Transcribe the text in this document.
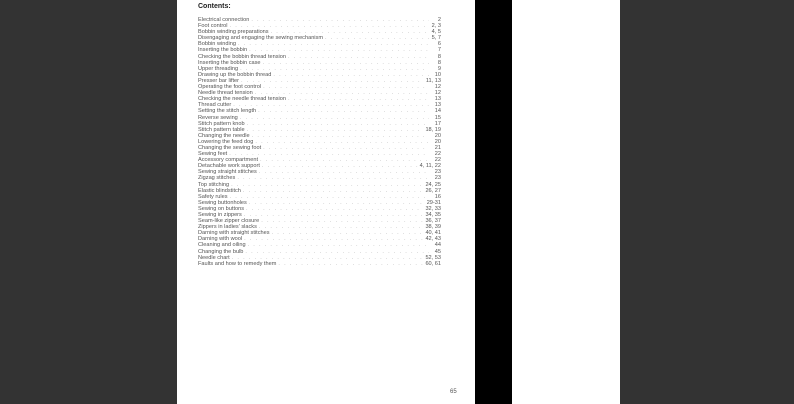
Contents:
Electrical connection . . .	2
Foot control . . .	2, 3
Bobbin winding preparations . . .	4, 5
Disengaging and engaging the sewing mechanism . . .	5, 7
Bobbin winding . . .	6
Inserting the bobbin . . .	7
Checking the bobbin thread tension . . .	8
Inserting the bobbin case . . .	8
Upper threading . . .	9
Drawing up the bobbin thread . . .	10
Presser bar lifter . . .	11, 13
Operating the foot control . . .	12
Needle thread tension . . .	12
Checking the needle thread tension . . .	13
Thread cutter . . .	13
Setting the stitch length . . .	14
Reverse sewing . . .	15
Stitch pattern knob . . .	17
Stitch pattern table . . .	18, 19
Changing the needle . . .	20
Lowering the feed dog . . .	20
Changing the sewing foot . . .	21
Sewing feet . . .	22
Accessory compartment . . .	22
Detachable work support . . .	4, 11, 22
Sewing straight stitches . . .	23
Zigzag stitches . . .	23
Top stitching . . .	24, 25
Elastic blindstitch . . .	26, 27
Safety rules . . .	16
Sewing buttonholes . . .	29-31
Sewing on buttons . . .	32, 33
Sewing in zippers . . .	34, 35
Seam-like zipper closure . . .	36, 37
Zippers in ladies' slacks . . .	38, 39
Darning with straight stitches . . .	40, 41
Darning with wool . . .	42, 43
Cleaning and oiling . . .	44
Changing the bulb . . .	45
Needle chart . . .	52, 53
Faults and how to remedy them . . .	60, 61
65
